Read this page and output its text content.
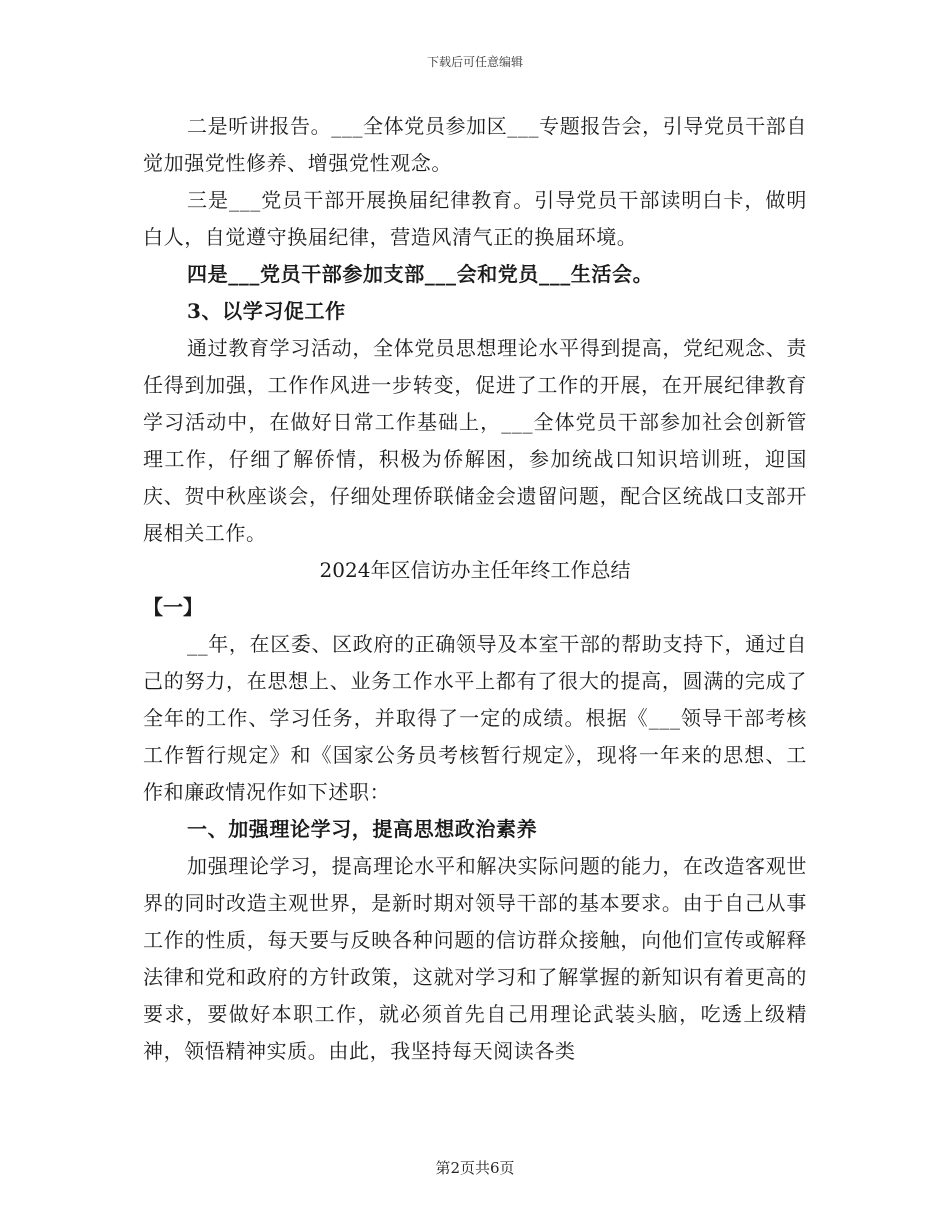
下载后可任意编辑

二是听讲报告。___全体党员参加区___专题报告会，引导党员干部自觉加强党性修养、增强党性观念。

三是___党员干部开展换届纪律教育。引导党员干部读明白卡，做明白人，自觉遵守换届纪律，营造风清气正的换届环境。

四是___党员干部参加支部___会和党员___生活会。

3、以学习促工作

通过教育学习活动，全体党员思想理论水平得到提高，党纪观念、责任得到加强，工作作风进一步转变，促进了工作的开展，在开展纪律教育学习活动中，在做好日常工作基础上，___全体党员干部参加社会创新管理工作，仔细了解侨情，积极为侨解困，参加统战口知识培训班，迎国庆、贺中秋座谈会，仔细处理侨联储金会遗留问题，配合区统战口支部开展相关工作。

2024年区信访办主任年终工作总结

【一】

__年，在区委、区政府的正确领导及本室干部的帮助支持下，通过自己的努力，在思想上、业务工作水平上都有了很大的提高，圆满的完成了全年的工作、学习任务，并取得了一定的成绩。根据《___领导干部考核工作暂行规定》和《国家公务员考核暂行规定》，现将一年来的思想、工作和廉政情况作如下述职：

一、加强理论学习，提高思想政治素养

加强理论学习，提高理论水平和解决实际问题的能力，在改造客观世界的同时改造主观世界，是新时期对领导干部的基本要求。由于自己从事工作的性质，每天要与反映各种问题的信访群众接触，向他们宣传或解释法律和党和政府的方针政策，这就对学习和了解掌握的新知识有着更高的要求，要做好本职工作，就必须首先自己用理论武装头脑，吃透上级精神，领悟精神实质。由此，我坚持每天阅读各类

第2页共6页
